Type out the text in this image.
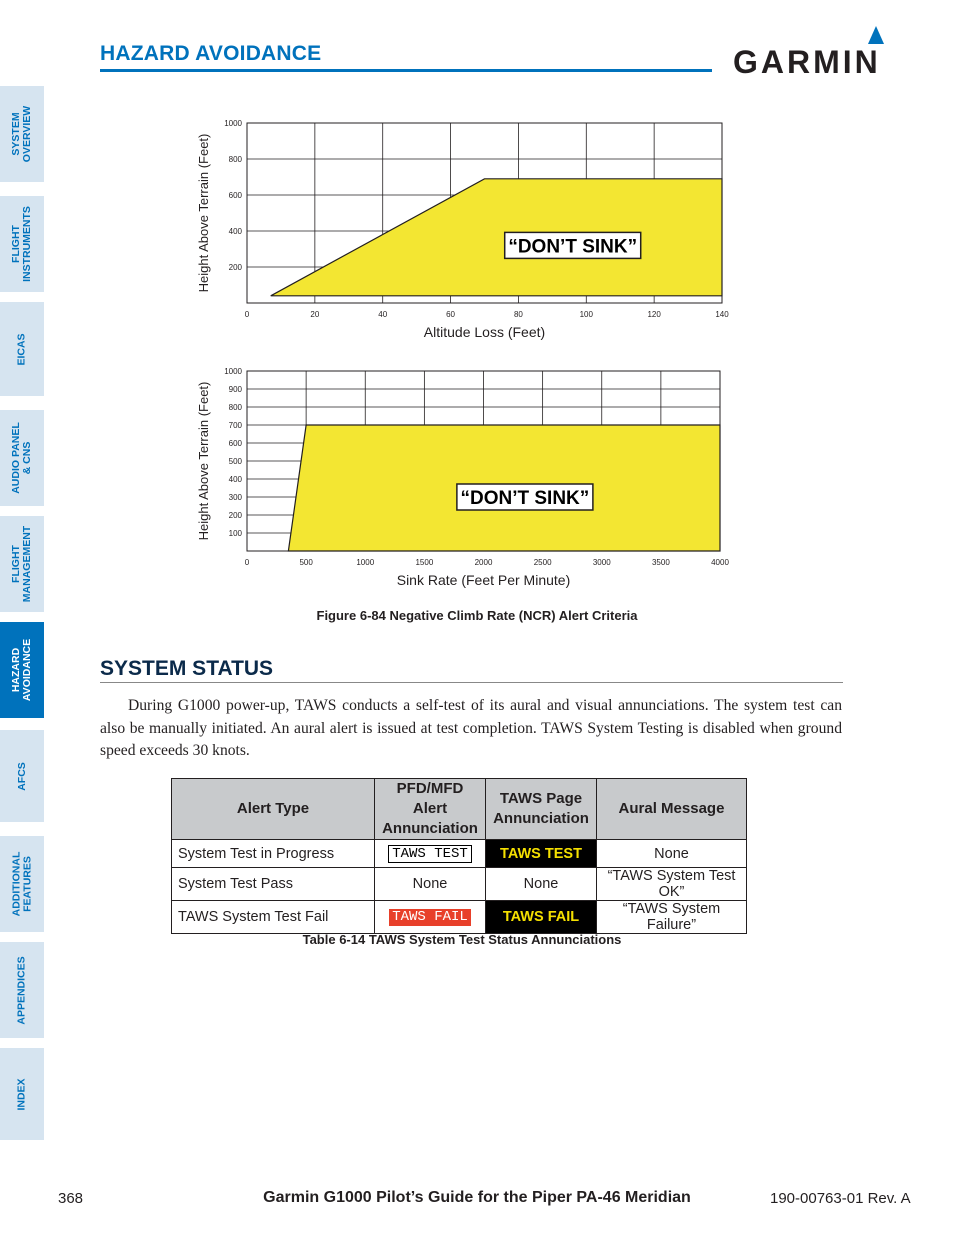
HAZARD AVOIDANCE	GARMIN
SYSTEM OVERVIEW
FLIGHT INSTRUMENTS
EICAS
AUDIO PANEL & CNS
FLIGHT MANAGEMENT
HAZARD AVOIDANCE
AFCS
ADDITIONAL FEATURES
APPENDICES
INDEX
0	20	40	60	80	100	120	140
200
400
600
800
1000
“DON’T SINK”
Altitude Loss (Feet)
Height Above Terrain (Feet)
0	500	1000	1500	2000	2500	3000	3500	4000
100
200
300
400
500
600
700
800
900
1000
“DON’T SINK”
Sink Rate (Feet Per Minute)
Height Above Terrain (Feet)
Figure 6-84 Negative Climb Rate (NCR) Alert Criteria
SYSTEM STATUS
During G1000 power-up, TAWS conducts a self-test of its aural and visual annunciations. The system test can also be manually initiated. An aural alert is issued at test completion. TAWS System Testing is disabled when ground speed exceeds 30 knots.
Alert Type	PFD/MFD Alert Annunciation	TAWS Page Annunciation	Aural Message
System Test in Progress	TAWS TEST	TAWS TEST	None
System Test Pass	None	None	“TAWS System Test OK”
TAWS System Test Fail	TAWS FAIL	TAWS FAIL	“TAWS System Failure”
Table 6-14 TAWS System Test Status Annunciations
368	Garmin G1000 Pilot’s Guide for the Piper PA-46 Meridian	190-00763-01 Rev. A
